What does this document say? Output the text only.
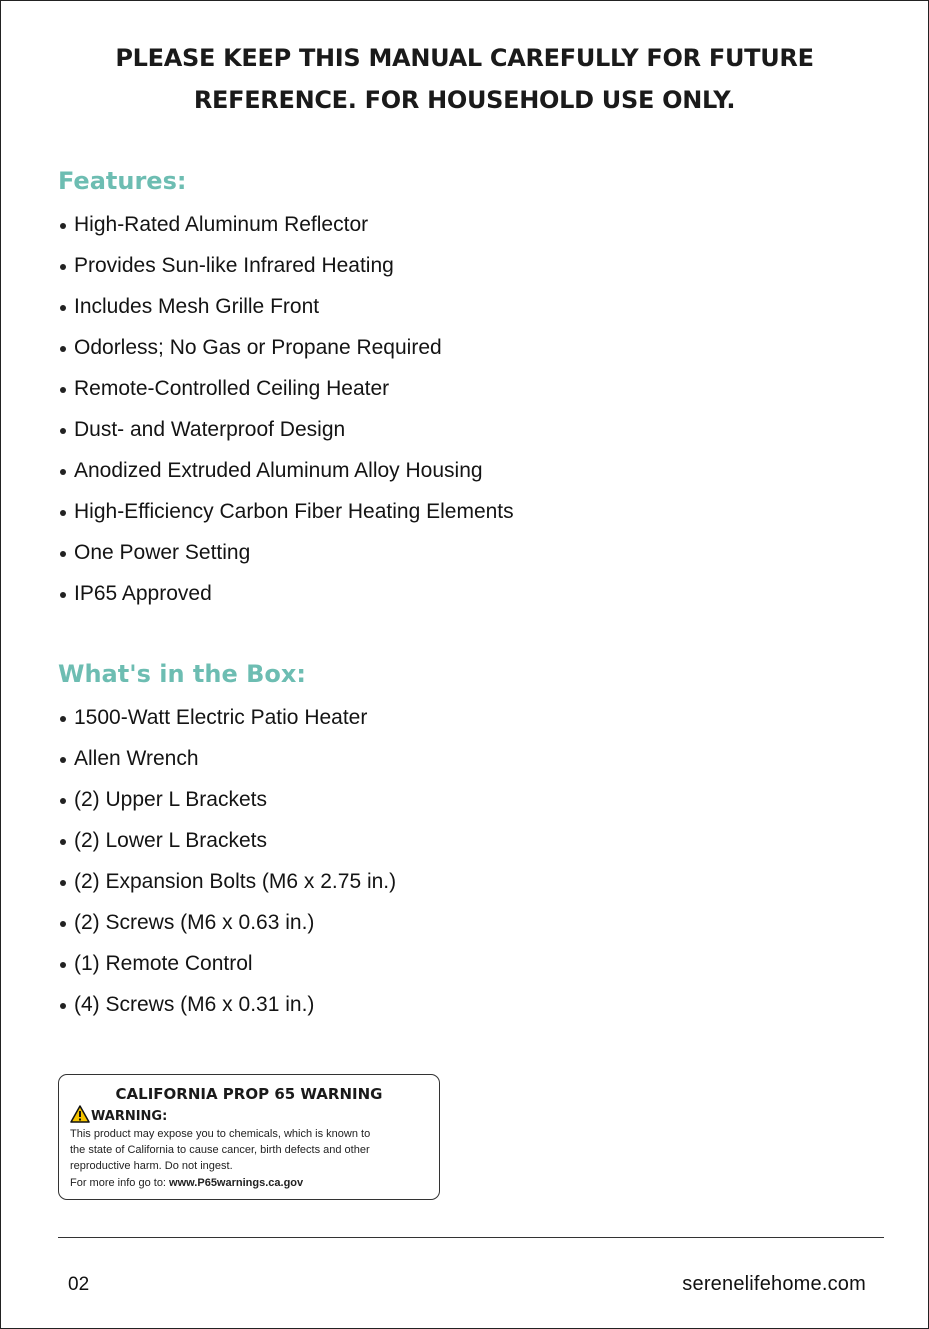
PLEASE KEEP THIS MANUAL CAREFULLY FOR FUTURE
REFERENCE. FOR HOUSEHOLD USE ONLY.
Features:
High-Rated Aluminum Reflector
Provides Sun-like Infrared Heating
Includes Mesh Grille Front
Odorless; No Gas or Propane Required
Remote-Controlled Ceiling Heater
Dust- and Waterproof Design
Anodized Extruded Aluminum Alloy Housing
High-Efficiency Carbon Fiber Heating Elements
One Power Setting
IP65 Approved
What's in the Box:
1500-Watt Electric Patio Heater
Allen Wrench
(2) Upper L Brackets
(2) Lower L Brackets
(2) Expansion Bolts (M6 x 2.75 in.)
(2) Screws (M6 x 0.63 in.)
(1) Remote Control
(4) Screws (M6 x 0.31 in.)
CALIFORNIA PROP 65 WARNING
WARNING:
This product may expose you to chemicals, which is known to
the state of California to cause cancer, birth defects and other
reproductive harm. Do not ingest.
For more info go to: www.P65warnings.ca.gov
02	serenelifehome.com
